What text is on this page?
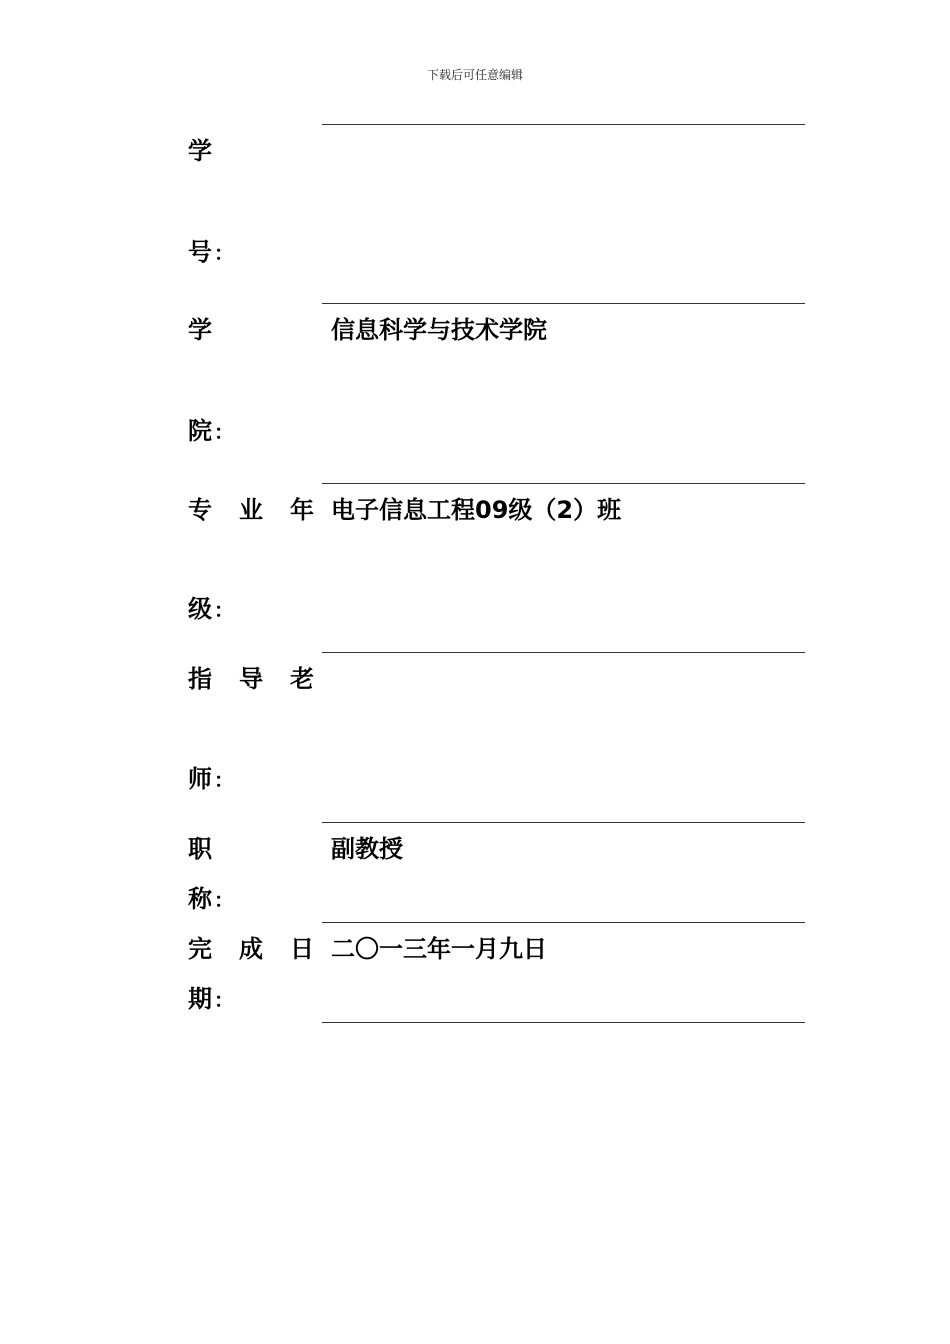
下载后可任意编辑
学
号 ：
学
院 ：
信息科学与技术学院
专 业 年
级 ：
电子信息工程09级（2）班
指 导 老
师 ：
职
称 ：
副教授
完 成 日
期 ：
二〇一三年一月九日
